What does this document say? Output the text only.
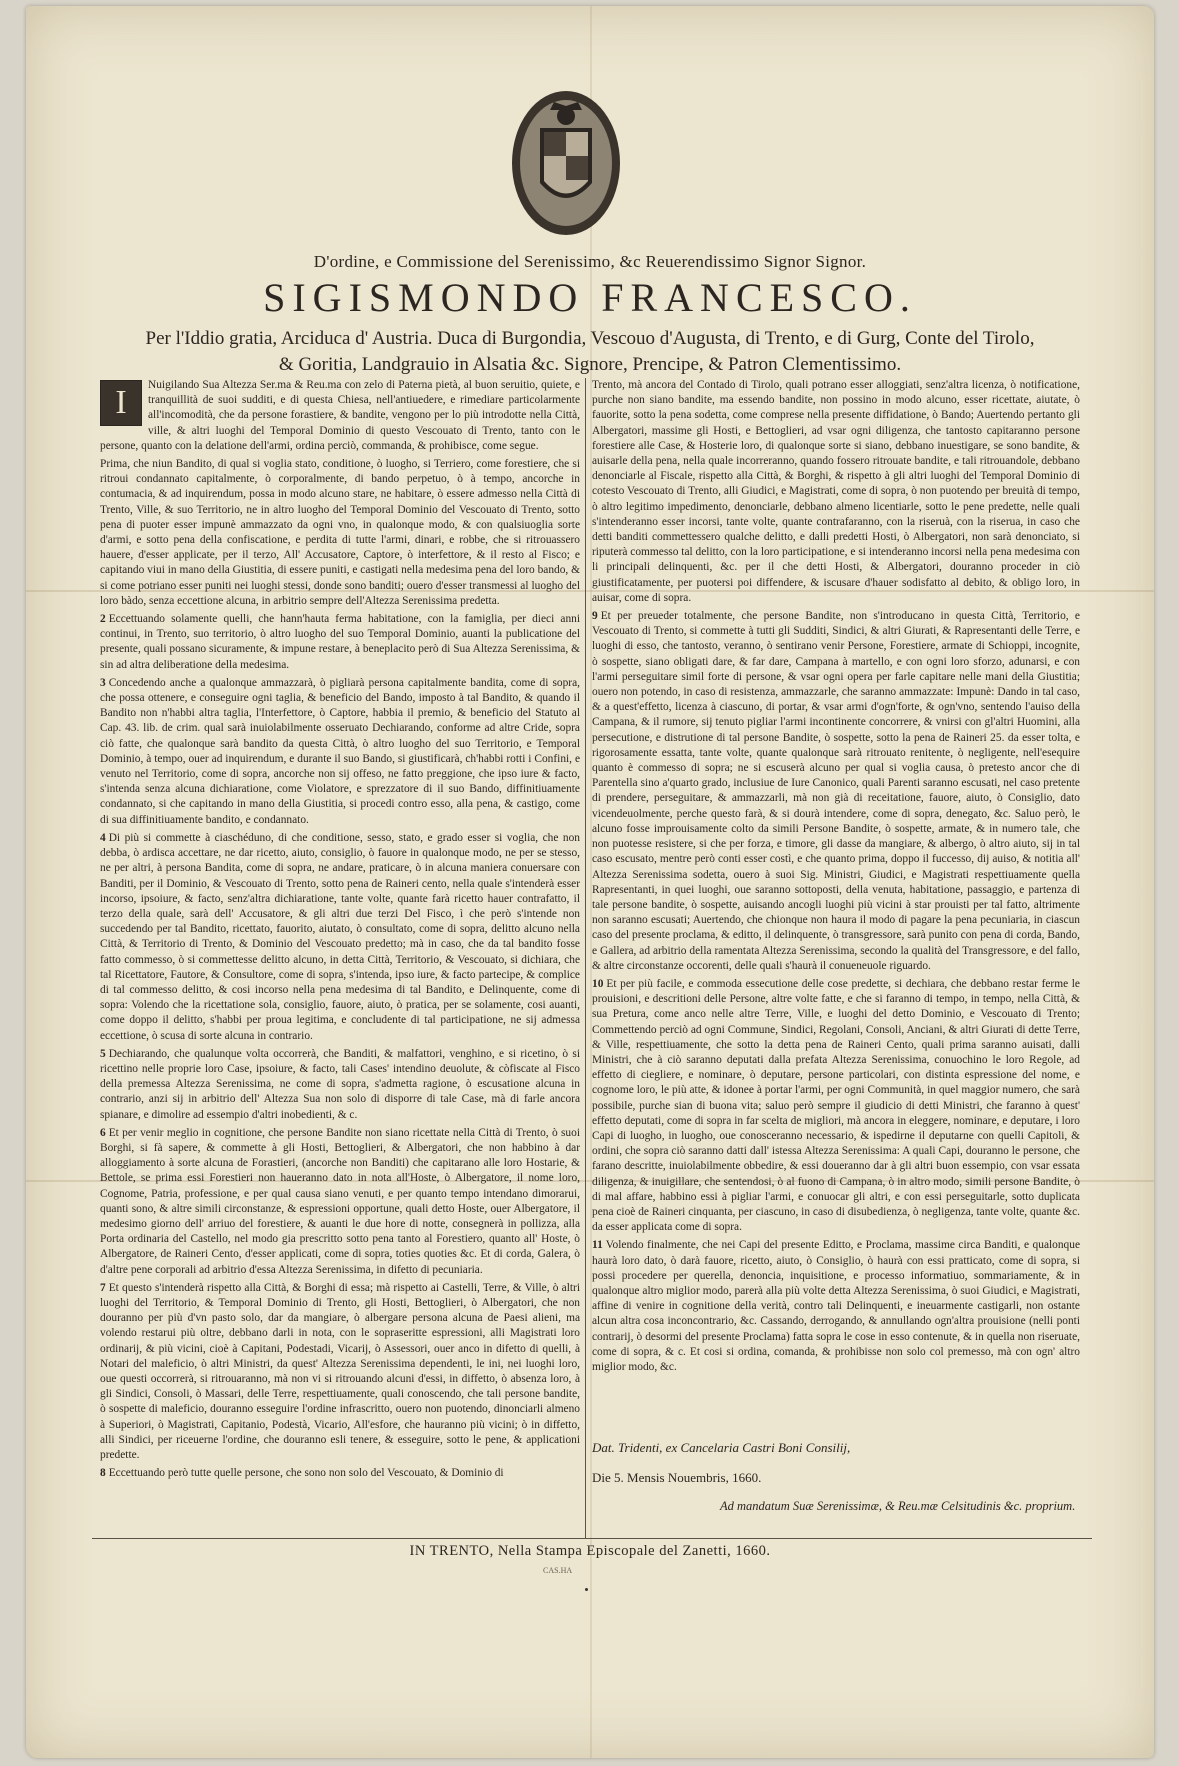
D'ordine, e Commissione del Serenissimo, &c Reuerendissimo Signor Signor.
SIGISMONDO FRANCESCO.
Per l'Iddio gratia, Arciduca d' Austria. Duca di Burgondia, Vescouo d'Augusta, di Trento, e di Gurg, Conte del Tirolo,
& Goritia, Landgrauio in Alsatia &c. Signore, Prencipe, & Patron Clementissimo.

I	Nuigilando Sua Altezza Ser.ma & Reu.ma con zelo di Paterna pietà, al buon seruitio, quiete, e tranquillità de suoi sudditi, e di questa Chiesa, nell'antiuedere, e rimediare particolarmente all'incomodità, che da persone forastiere, & bandite, vengono per lo più introdotte nella Città, ville, & altri luoghi del Temporal Dominio di questo Vescouato di Trento, tanto con le persone, quanto con la delatione dell'armi, ordina perciò, commanda, & prohibisce, come segue.

Prima, che niun Bandito, di qual si voglia stato, conditione, ò luogho, si Terriero, come forestiere, che si ritroui condannato capitalmente, ò corporalmente, di bando perpetuo, ò à tempo, ancorche in contumacia, & ad inquirendum, possa in modo alcuno stare, ne habitare, ò essere admesso nella Città di Trento, Ville, & suo Territorio, ne in altro luogho del Temporal Dominio del Vescouato di Trento, sotto pena di puoter esser impunè ammazzato da ogni vno, in qualonque modo, & con qualsiuoglia sorte d'armi, e sotto pena della confiscatione, e perdita di tutte l'armi, dinari, e robbe, che si ritrouassero hauere, d'esser applicate, per il terzo, All' Accusatore, Captore, ò interfettore, & il resto al Fisco; e capitando viui in mano della Giustitia, di essere puniti, e castigati nella medesima pena del loro bando, & si come potriano esser puniti nei luoghi stessi, donde sono banditi; ouero d'esser transmessi al luogho del loro bàdo, senza eccettione alcuna, in arbitrio sempre dell'Altezza Serenissima predetta.

2 Eccettuando solamente quelli, che hann'hauta ferma habitatione, con la famiglia, per dieci anni continui, in Trento, suo territorio, ò altro luogho del suo Temporal Dominio, auanti la publicatione del presente, quali possano sicuramente, & impune restare, à beneplacito però di Sua Altezza Serenissima, & sin ad altra deliberatione della medesima.

3 Concedendo anche a qualonque ammazzarà, ò pigliarà persona capitalmente bandita, come di sopra, che possa ottenere, e conseguire ogni taglia, & beneficio del Bando, imposto à tal Bandito, & quando il Bandito non n'habbi altra taglia, l'Interfettore, ò Captore, habbia il premio, & beneficio del Statuto al Cap. 43. lib. de crim. qual sarà inuiolabilmente osseruato Dechiarando, conforme ad altre Cride, sopra ciò fatte, che qualonque sarà bandito da questa Città, ò altro luogho del suo Territorio, e Temporal Dominio, à tempo, ouer ad inquirendum, e durante il suo Bando, si giustificarà, ch'habbi rotti i Confini, e venuto nel Territorio, come di sopra, ancorche non sij offeso, ne fatto preggione, che ipso iure & facto, s'intenda senza alcuna dichiaratione, come Violatore, e sprezzatore di il suo Bando, diffinitiuamente condannato, si che capitando in mano della Giustitia, si procedi contro esso, alla pena, & castigo, come di sua diffinitiuamente bandito, e condannato.

4 Di più si commette à ciaschéduno, di che conditione, sesso, stato, e grado esser si voglia, che non debba, ò ardisca accettare, ne dar ricetto, aiuto, consiglio, ò fauore in qualonque modo, ne per se stesso, ne per altri, à persona Bandita, come di sopra, ne andare, praticare, ò in alcuna maniera conuersare con Banditi, per il Dominio, & Vescouato di Trento, sotto pena de Raineri cento, nella quale s'intenderà esser incorso, ipsoiure, & facto, senz'altra dichiaratione, tante volte, quante farà ricetto hauer contrafatto, il terzo della quale, sarà dell' Accusatore, & gli altri due terzi Del Fisco, ì che però s'intende non succedendo per tal Bandito, ricettato, fauorito, aiutato, ò consultato, come di sopra, delitto alcuno nella Città, & Territorio di Trento, & Dominio del Vescouato predetto; mà in caso, che da tal bandito fosse fatto commesso, ò si commettesse delitto alcuno, in detta Città, Territorio, & Vescouato, si dichiara, che tal Ricettatore, Fautore, & Consultore, come di sopra, s'intenda, ipso iure, & facto partecipe, & complice di tal commesso delitto, & cosi incorso nella pena medesima di tal Bandito, e Delinquente, come di sopra: Volendo che la ricettatione sola, consiglio, fauore, aiuto, ò pratica, per se solamente, cosi auanti, come doppo il delitto, s'habbi per proua legitima, e concludente di tal participatione, ne sij admessa eccettione, ò scusa di sorte alcuna in contrario.

5 Dechiarando, che qualunque volta occorrerà, che Banditi, & malfattori, venghino, e si ricetino, ò si ricettino nelle proprie loro Case, ipsoiure, & facto, tali Cases' intendino deuolute, & còfiscate al Fisco della premessa Altezza Serenissima, ne come di sopra, s'admetta ragione, ò escusatione alcuna in contrario, anzi sij in arbitrio dell' Altezza Sua non solo di disporre di tale Case, mà di farle ancora spianare, e dimolire ad essempio d'altri inobedienti, & c.

6 Et per venir meglio in cognitione, che persone Bandite non siano ricettate nella Città di Trento, ò suoi Borghi, si fà sapere, & commette à gli Hosti, Bettoglieri, & Albergatori, che non habbino à dar alloggiamento à sorte alcuna de Forastieri, (ancorche non Banditi) che capitarano alle loro Hostarie, & Bettole, se prima essi Forestieri non haueranno dato in nota all'Hoste, ò Albergatore, il nome loro, Cognome, Patria, professione, e per qual causa siano venuti, e per quanto tempo intendano dimorarui, quanti sono, & altre simili circonstanze, & espressioni opportune, quali detto Hoste, ouer Albergatore, il medesimo giorno dell' arriuo del forestiere, & auanti le due hore di notte, consegnerà in pollizza, alla Porta ordinaria del Castello, nel modo gia prescritto sotto pena tanto al Forestiero, quanto all' Hoste, ò Albergatore, de Raineri Cento, d'esser applicati, come di sopra, toties quoties &c. Et di corda, Galera, ò d'altre pene corporali ad arbitrio d'essa Altezza Serenissima, in difetto di pecuniaria.

7 Et questo s'intenderà rispetto alla Città, & Borghi di essa; mà rispetto ai Castelli, Terre, & Ville, ò altri luoghi del Territorio, & Temporal Dominio di Trento, gli Hosti, Bettoglieri, ò Albergatori, che non douranno per più d'vn pasto solo, dar da mangiare, ò albergare persona alcuna de Paesi alieni, ma volendo restarui più oltre, debbano darli in nota, con le sopraseritte espressioni, alli Magistrati loro ordinarij, & più vicini, cioè à Capitani, Podestadi, Vicarij, ò Assessori, ouer anco in difetto di quelli, à Notari del maleficio, ò altri Ministri, da quest' Altezza Serenissima dependenti, le ini, nei luoghi loro, oue questi occorrerà, si ritrouaranno, mà non vi si ritrouando alcuni d'essi, in diffetto, ò absenza loro, à gli Sindici, Consoli, ò Massari, delle Terre, respettiuamente, quali conoscendo, che tali persone bandite, ò sospette di maleficio, douranno esseguire l'ordine infrascritto, ouero non puotendo, dinonciarli almeno à Superiori, ò Magistrati, Capitanio, Podestà, Vicario, All'esfore, che hauranno più vicini; ò in diffetto, alli Sindici, per riceuerne l'ordine, che douranno esli tenere, & esseguire, sotto le pene, & applicationi predette.

8 Eccettuando però tutte quelle persone, che sono non solo del Vescouato, & Dominio di

Trento, mà ancora del Contado di Tirolo, quali potrano esser alloggiati, senz'altra licenza, ò notificatione, purche non siano bandite, ma essendo bandite, non possino in modo alcuno, esser ricettate, aiutate, ò fauorite, sotto la pena sodetta, come comprese nella presente diffidatione, ò Bando; Auertendo pertanto gli Albergatori, massime gli Hosti, e Bettoglieri, ad vsar ogni diligenza, che tantosto capitaranno persone forestiere alle Case, & Hosterie loro, di qualonque sorte si siano, debbano inuestigare, se sono bandite, & auisarle della pena, nella quale incorreranno, quando fossero ritrouate bandite, e tali ritrouandole, debbano denonciarle al Fiscale, rispetto alla Città, & Borghi, & rispetto à gli altri luoghi del Temporal Dominio di cotesto Vescouato di Trento, alli Giudici, e Magistrati, come di sopra, ò non puotendo per breuità di tempo, ò altro legitimo impedimento, denonciarle, debbano almeno licentiarle, sotto le pene predette, nelle quali s'intenderanno esser incorsi, tante volte, quante contrafaranno, con la riseruà, con la riserua, in caso che detti banditi commettessero qualche delitto, e dalli predetti Hosti, ò Albergatori, non sarà denonciato, si riputerà commesso tal delitto, con la loro participatione, e si intenderanno incorsi nella pena medesima con li principali delinquenti, &c. per il che detti Hosti, & Albergatori, douranno proceder in ciò giustificatamente, per puotersi poi diffendere, & iscusare d'hauer sodisfatto al debito, & obligo loro, in auisar, come di sopra.

9 Et per preueder totalmente, che persone Bandite, non s'introducano in questa Città, Territorio, e Vescouato di Trento, si commette à tutti gli Sudditi, Sindici, & altri Giurati, & Rapresentanti delle Terre, e luoghi di esso, che tantosto, veranno, ò sentirano venir Persone, Forestiere, armate di Schioppi, incognite, ò sospette, siano obligati dare, & far dare, Campana à martello, e con ogni loro sforzo, adunarsi, e con l'armi perseguitare simil forte di persone, & vsar ogni opera per farle capitare nelle mani della Giustitia; ouero non potendo, in caso di resistenza, ammazzarle, che saranno ammazzate: Impunè: Dando in tal caso, & a quest'effetto, licenza à ciascuno, di portar, & vsar armi d'ogn'forte, & ogn'vno, sentendo l'auiso della Campana, & il rumore, sij tenuto pigliar l'armi incontinente concorrere, & vnirsi con gl'altri Huomini, alla persecutione, e distrutione di tal persone Bandite, ò sospette, sotto la pena de Raineri 25. da esser tolta, e rigorosamente essatta, tante volte, quante qualonque sarà ritrouato renitente, ò negligente, nell'esequire quanto è commesso di sopra; ne si escuserà alcuno per qual si voglia causa, ò pretesto ancor che di Parentella sino a'quarto grado, inclusiue de Iure Canonico, quali Parenti saranno escusati, nel caso pretente di prendere, perseguitare, & ammazzarli, mà non già di receitatione, fauore, aiuto, ò Consiglio, dato vicendeuolmente, perche questo farà, & si dourà intendere, come di sopra, denegato, &c. Saluo però, le alcuno fosse improuisamente colto da simili Persone Bandite, ò sospette, armate, & in numero tale, che non puotesse resistere, si che per forza, e timore, gli dasse da mangiare, & albergo, ò altro aiuto, sij in tal caso escusato, mentre però conti esser costì, e che quanto prima, doppo il fuccesso, dij auiso, & notitia all' Altezza Serenissima sodetta, ouero à suoi Sig. Ministri, Giudici, e Magistrati respettiuamente quella Rapresentanti, in quei luoghi, oue saranno sottoposti, della venuta, habitatione, passaggio, e partenza di tale persone bandite, ò sospette, auisando ancogli luoghi più vicini à star prouisti per tal fatto, altrimente non saranno escusati; Auertendo, che chionque non haura il modo di pagare la pena pecuniaria, in ciascun caso del presente proclama, & editto, il delinquente, ò transgressore, sarà punito con pena di corda, Bando, e Gallera, ad arbitrio della ramentata Altezza Serenissima, secondo la qualità del Transgressore, e del fallo, & altre circonstanze occorenti, delle quali s'haurà il conueneuole riguardo.

10 Et per più facile, e commoda essecutione delle cose predette, si dechiara, che debbano restar ferme le prouisioni, e descritioni delle Persone, altre volte fatte, e che si faranno di tempo, in tempo, nella Città, & sua Pretura, come anco nelle altre Terre, Ville, e luoghi del detto Dominio, e Vescouato di Trento; Commettendo perciò ad ogni Commune, Sindici, Regolani, Consoli, Anciani, & altri Giurati di dette Terre, & Ville, respettiuamente, che sotto la detta pena de Raineri Cento, quali prima saranno auisati, dalli Ministri, che à ciò saranno deputati dalla prefata Altezza Serenissima, conuochino le loro Regole, ad effetto di ciegliere, e nominare, ò deputare, persone particolari, con distinta espressione del nome, e cognome loro, le più atte, & idonee à portar l'armi, per ogni Communità, in quel maggior numero, che sarà possibile, purche sian di buona vita; saluo però sempre il giudicio di detti Ministri, che faranno à quest' effetto deputati, come di sopra in far scelta de migliori, mà ancora in eleggere, nominare, e deputare, i loro Capi di luogho, in luogho, oue conosceranno necessario, & ispedirne il deputarne con quelli Capitoli, & ordini, che sopra ciò saranno datti dall' istessa Altezza Serenissima: A quali Capi, douranno le persone, che farano descritte, inuiolabilmente obbedire, & essi doueranno dar à gli altri buon essempio, con vsar essata diligenza, & inuigillare, che sentendosi, ò al fuono di Campana, ò in altro modo, simili persone Bandite, ò di mal affare, habbino essi à pigliar l'armi, e conuocar gli altri, e con essi perseguitarle, sotto duplicata pena cioè de Raineri cinquanta, per ciascuno, in caso di disubedienza, ò negligenza, tante volte, quante &c. da esser applicata come di sopra.

11 Volendo finalmente, che nei Capi del presente Editto, e Proclama, massime circa Banditi, e qualonque haurà loro dato, ò darà fauore, ricetto, aiuto, ò Consiglio, ò haurà con essi pratticato, come di sopra, si possi procedere per querella, denoncia, inquisitione, e processo informatiuo, sommariamente, & in qualonque altro miglior modo, parerà alla più volte detta Altezza Serenissima, ò suoi Giudici, e Magistrati, affine di venire in cognitione della verità, contro tali Delinquenti, e ineuarmente castigarli, non ostante alcun altra cosa inconcontrario, &c. Cassando, derrogando, & annullando ogn'altra prouisione (nelli ponti contrarij, ò desormi del presente Proclama) fatta sopra le cose in esso contenute, & in quella non riseruate, come di sopra, & c. Et cosi si ordina, comanda, & prohibisse non solo col premesso, mà con ogn' altro miglior modo, &c.

Dat. Tridenti, ex Cancelaria Castri Boni Consilij,
Die 5. Mensis Nouembris, 1660.
Ad mandatum Suæ Serenissimæ, & Reu.mæ Celsitudinis &c. proprium.
IN TRENTO, Nella Stampa Episcopale del Zanetti, 1660.
CAS.HA
